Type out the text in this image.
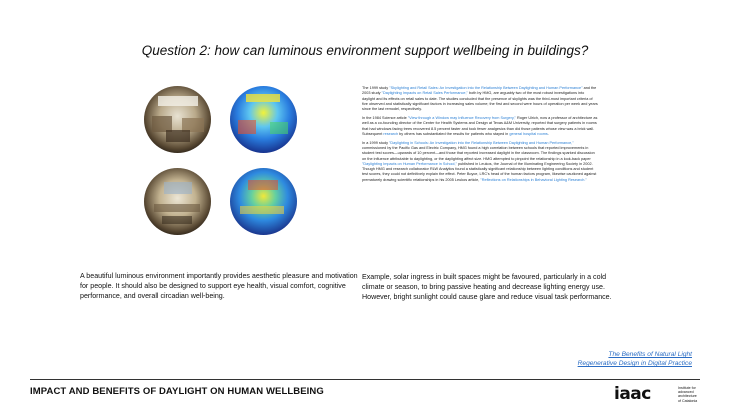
Question 2: how can luminous environment support wellbeing in buildings?

The 1999 study "Skylighting and Retail Sales: An Investigation into the Relationship Between Daylighting and Human Performance" and the 2003 study "Daylighting Impacts on Retail Sales Performance," both by HMG, are arguably two of the most robust investigations into daylight and its effects on retail sales to date. The studies concluded that the presence of skylights was the third-most important criteria of five observed and statistically significant factors in increasing sales volume; the first and second were hours of operation per week and years since the last remodel, respectively.

In the 1984 Science article "View through a Window may Influence Recovery from Surgery," Roger Ulrich, now a professor of architecture as well as a co-founding director of the Center for Health Systems and Design at Texas A&M University, reported that surgery patients in rooms that had windows facing trees recovered 8.5 percent faster and took fewer analgesics than did those patients whose view was a brick wall. Subsequent research by others has substantiated the results for patients who stayed in general hospital rooms.

In a 1999 study "Daylighting in Schools: An Investigation into the Relationship Between Daylighting and Human Performance," commissioned by the Pacific Gas and Electric Company, HMG found a high correlation between schools that reported improvements in student test scores—upwards of 10 percent—and those that reported increased daylight in the classroom. The findings sparked discussion on the influence attributable to daylighting, or the daylighting affect size. HMG attempted to pinpoint the relationship in a look-back paper "Daylighting Impacts on Human Performance in School," published in Leukos, the Journal of the Illuminating Engineering Society in 2002. Though HMG and research collaborator RLW Analytics found a statistically significant relationship between lighting conditions and student test scores, they could not definitively explain the effect. Peter Boyce, LRC's head of the human factors program, likewise cautioned against prematurely drawing scientific relationships in his 2005 Leukos article, "Reflections on Relationships in Behavioral Lighting Research."

A beautiful luminous environment importantly provides aesthetic pleasure and motivation for people. It should also be designed to support eye health, visual comfort, cognitive performance, and overall circadian well-being.

Example, solar ingress in built spaces might be favoured, particularly in a cold climate or season, to bring passive heating and decrease lighting energy use. However, bright sunlight could cause glare and reduce visual task performance.

The Benefits of Natural Light
Regenerative Design in Digital Practice
IMPACT AND BENEFITS OF DAYLIGHT ON HUMAN WELLBEING	iaac	Institute for
advanced
architecture
of Catalonia
